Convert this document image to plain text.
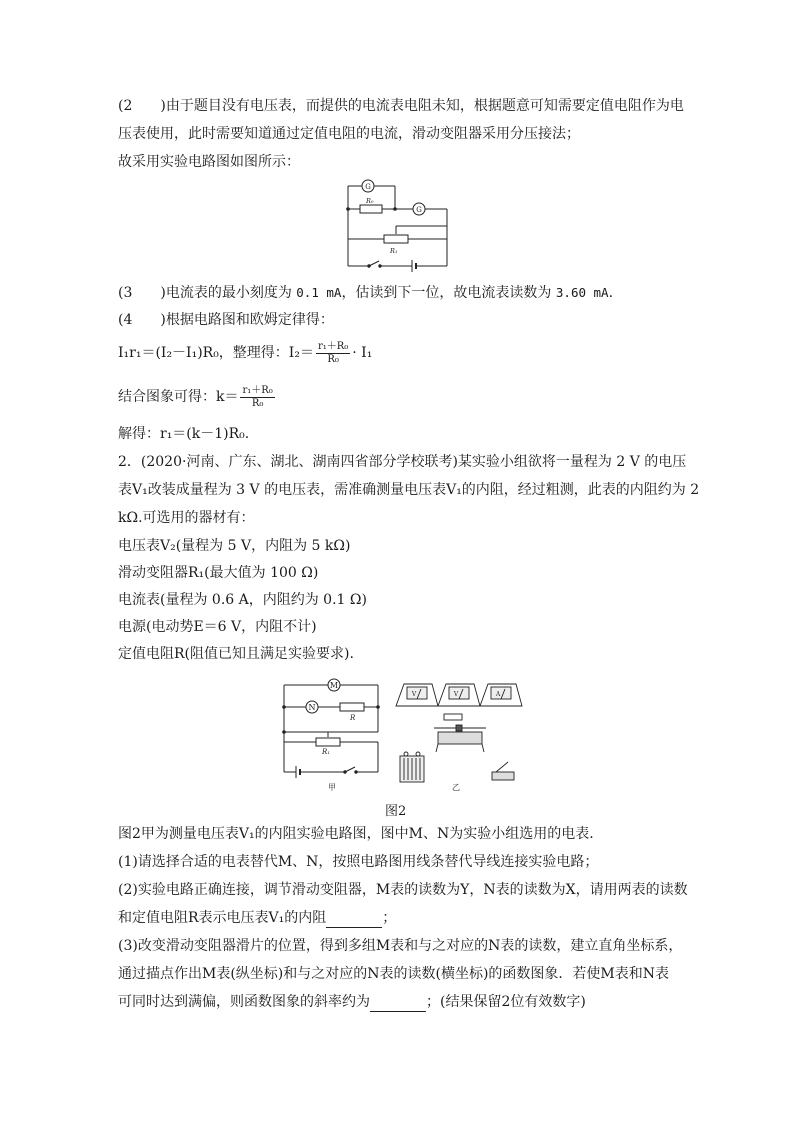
(2　　)由于题目没有电压表，而提供的电流表电阻未知，根据题意可知需要定值电阻作为电
压表使用，此时需要知道通过定值电阻的电流，滑动变阻器采用分压接法；
故采用实验电路图如图所示：
G
G
R₀
R₁
(3　　)电流表的最小刻度为 0.1 mA，估读到下一位，故电流表读数为 3.60 mA.
(4　　)根据电路图和欧姆定律得：
I₁r₁＝(I₂－I₁)R₀，整理得：$I_2= \frac{\text{r₁＋R₀}}{\text{R₀}} \cdot I_1$
结合图象可得：$k= \frac{\text{r₁＋R₀}}{\text{R₀}}$
解得：r₁＝(k－1)R₀.
2．(2020·河南、广东、湖北、湖南四省部分学校联考)某实验小组欲将一量程为 2 V 的电压
表V₁改装成量程为 3 V 的电压表，需准确测量电压表V₁的内阻，经过粗测，此表的内阻约为 2
kΩ.可选用的器材有：
电压表V₂(量程为 5 V，内阻为 5 kΩ)
滑动变阻器R₁(最大值为 100 Ω)
电流表(量程为 0.6 A，内阻约为 0.1 Ω)
电源(电动势E＝6 V，内阻不计)
定值电阻R(阻值已知且满足实验要求).
M
N
R
R₁
甲
V	V	A
乙
图2
图2甲为测量电压表V₁的内阻实验电路图，图中M、N为实验小组选用的电表.
(1)请选择合适的电表替代M、N，按照电路图用线条替代导线连接实验电路；
(2)实验电路正确连接，调节滑动变阻器，M表的读数为Y，N表的读数为X，请用两表的读数
和定值电阻R表示电压表V₁的内阻	；
(3)改变滑动变阻器滑片的位置，得到多组M表和与之对应的N表的读数，建立直角坐标系，
通过描点作出M表(纵坐标)和与之对应的N表的读数(横坐标)的函数图象．若使M表和N表
可同时达到满偏，则函数图象的斜率约为	；(结果保留2位有效数字)
